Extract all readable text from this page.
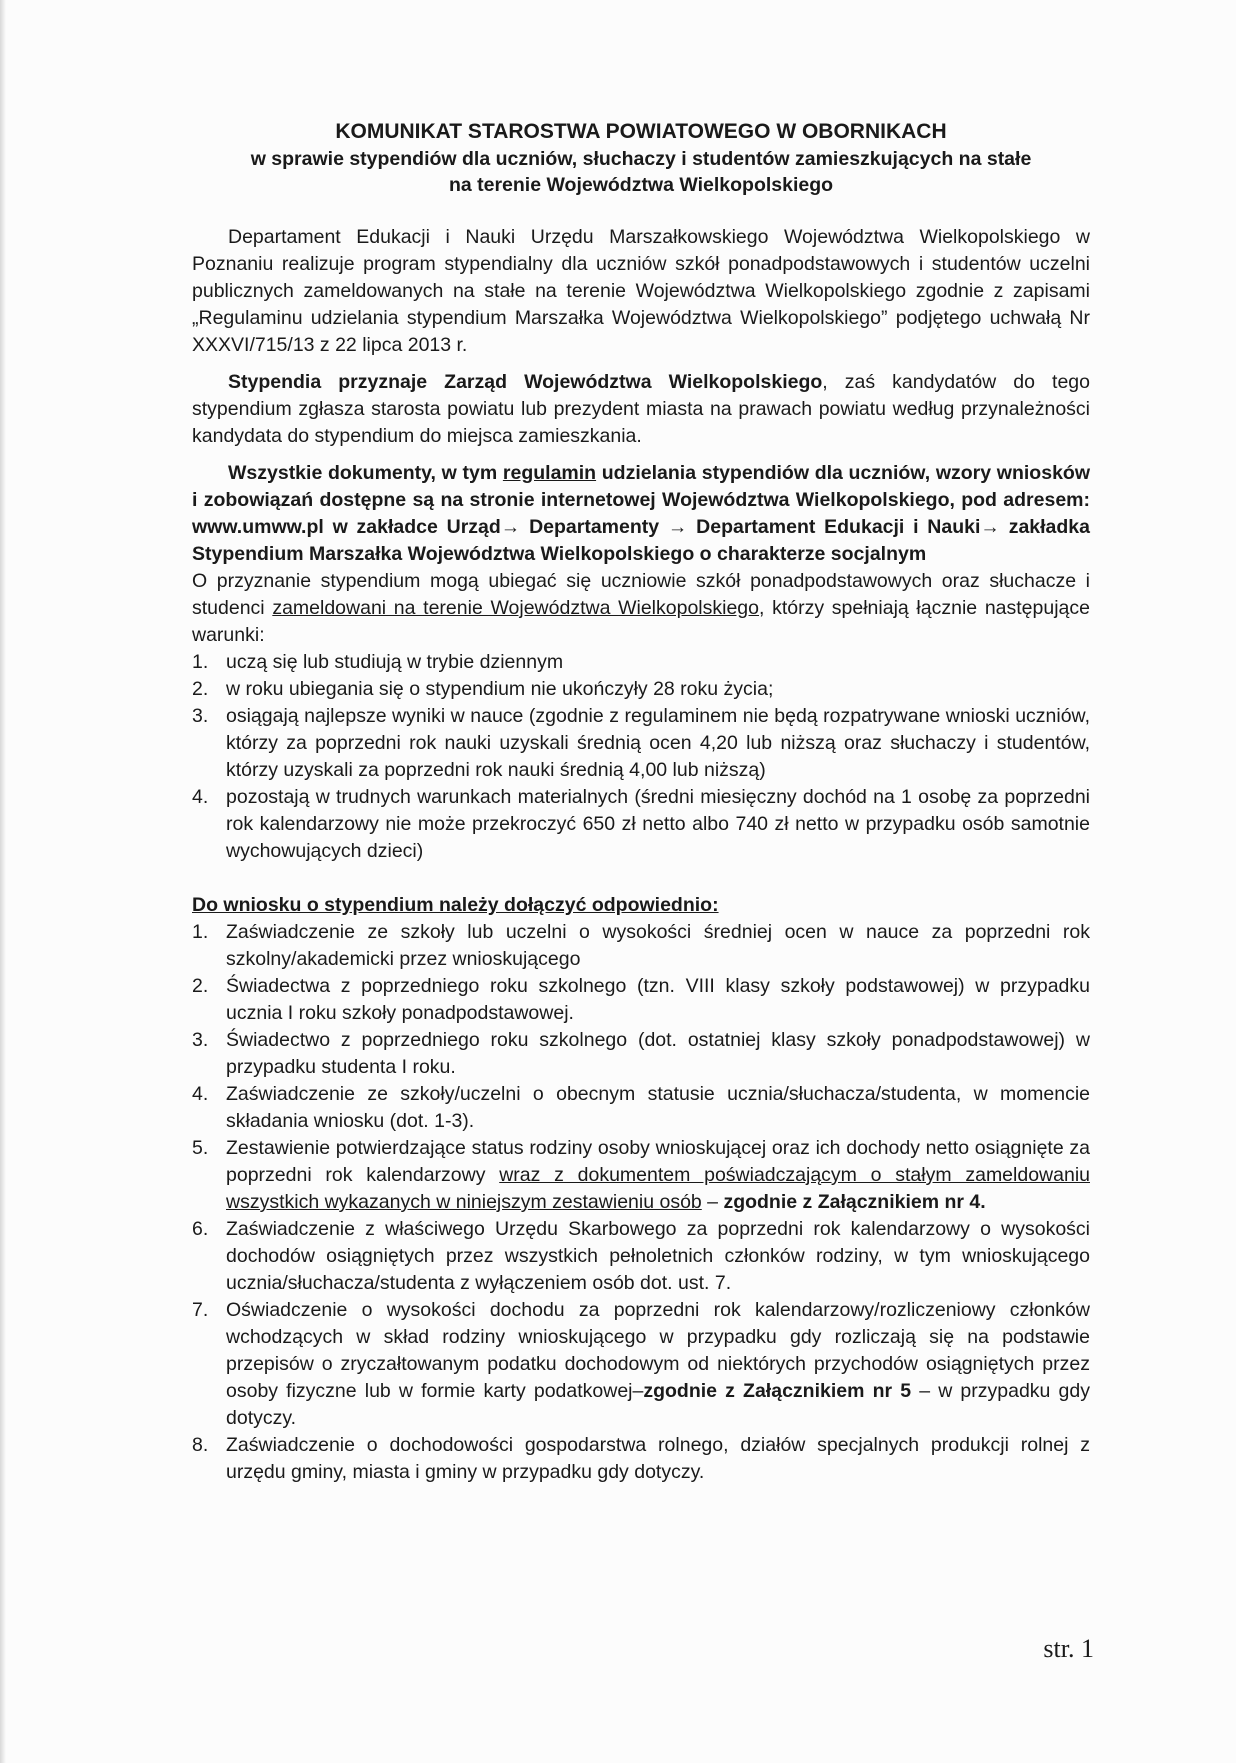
KOMUNIKAT STAROSTWA POWIATOWEGO W OBORNIKACH
w sprawie stypendiów dla uczniów, słuchaczy i studentów zamieszkujących na stałe
na terenie Województwa Wielkopolskiego

Departament Edukacji i Nauki Urzędu Marszałkowskiego Województwa Wielkopolskiego w Poznaniu realizuje program stypendialny dla uczniów szkół ponadpodstawowych i studentów uczelni publicznych zameldowanych na stałe na terenie Województwa Wielkopolskiego zgodnie z zapisami „Regulaminu udzielania stypendium Marszałka Województwa Wielkopolskiego” podjętego uchwałą Nr XXXVI/715/13 z 22 lipca 2013 r.

Stypendia przyznaje Zarząd Województwa Wielkopolskiego, zaś kandydatów do tego stypendium zgłasza starosta powiatu lub prezydent miasta na prawach powiatu według przynależności kandydata do stypendium do miejsca zamieszkania.

Wszystkie dokumenty, w tym regulamin udzielania stypendiów dla uczniów, wzory wniosków i zobowiązań dostępne są na stronie internetowej Województwa Wielkopolskiego, pod adresem: www.umww.pl w zakładce Urząd→ Departamenty → Departament Edukacji i Nauki→ zakładka Stypendium Marszałka Województwa Wielkopolskiego o charakterze socjalnym

O przyznanie stypendium mogą ubiegać się uczniowie szkół ponadpodstawowych oraz słuchacze i studenci zameldowani na terenie Województwa Wielkopolskiego, którzy spełniają łącznie następujące warunki:

1. uczą się lub studiują w trybie dziennym
2. w roku ubiegania się o stypendium nie ukończyły 28 roku życia;
3. osiągają najlepsze wyniki w nauce (zgodnie z regulaminem nie będą rozpatrywane wnioski uczniów, którzy za poprzedni rok nauki uzyskali średnią ocen 4,20 lub niższą oraz słuchaczy i studentów, którzy uzyskali za poprzedni rok nauki średnią 4,00 lub niższą)
4. pozostają w trudnych warunkach materialnych (średni miesięczny dochód na 1 osobę za poprzedni rok kalendarzowy nie może przekroczyć 650 zł netto albo 740 zł netto w przypadku osób samotnie wychowujących dzieci)

Do wniosku o stypendium należy dołączyć odpowiednio:

1. Zaświadczenie ze szkoły lub uczelni o wysokości średniej ocen w nauce za poprzedni rok szkolny/akademicki przez wnioskującego
2. Świadectwa z poprzedniego roku szkolnego (tzn. VIII klasy szkoły podstawowej) w przypadku ucznia I roku szkoły ponadpodstawowej.
3. Świadectwo z poprzedniego roku szkolnego (dot. ostatniej klasy szkoły ponadpodstawowej) w przypadku studenta I roku.
4. Zaświadczenie ze szkoły/uczelni o obecnym statusie ucznia/słuchacza/studenta, w momencie składania wniosku (dot. 1-3).
5. Zestawienie potwierdzające status rodziny osoby wnioskującej oraz ich dochody netto osiągnięte za poprzedni rok kalendarzowy wraz z dokumentem poświadczającym o stałym zameldowaniu wszystkich wykazanych w niniejszym zestawieniu osób – zgodnie z Załącznikiem nr 4.
6. Zaświadczenie z właściwego Urzędu Skarbowego za poprzedni rok kalendarzowy o wysokości dochodów osiągniętych przez wszystkich pełnoletnich członków rodziny, w tym wnioskującego ucznia/słuchacza/studenta z wyłączeniem osób dot. ust. 7.
7. Oświadczenie o wysokości dochodu za poprzedni rok kalendarzowy/rozliczeniowy członków wchodzących w skład rodziny wnioskującego w przypadku gdy rozliczają się na podstawie przepisów o zryczałtowanym podatku dochodowym od niektórych przychodów osiągniętych przez osoby fizyczne lub w formie karty podatkowej–zgodnie z Załącznikiem nr 5 – w przypadku gdy dotyczy.
8. Zaświadczenie o dochodowości gospodarstwa rolnego, działów specjalnych produkcji rolnej z urzędu gminy, miasta i gminy w przypadku gdy dotyczy.
str. 1
